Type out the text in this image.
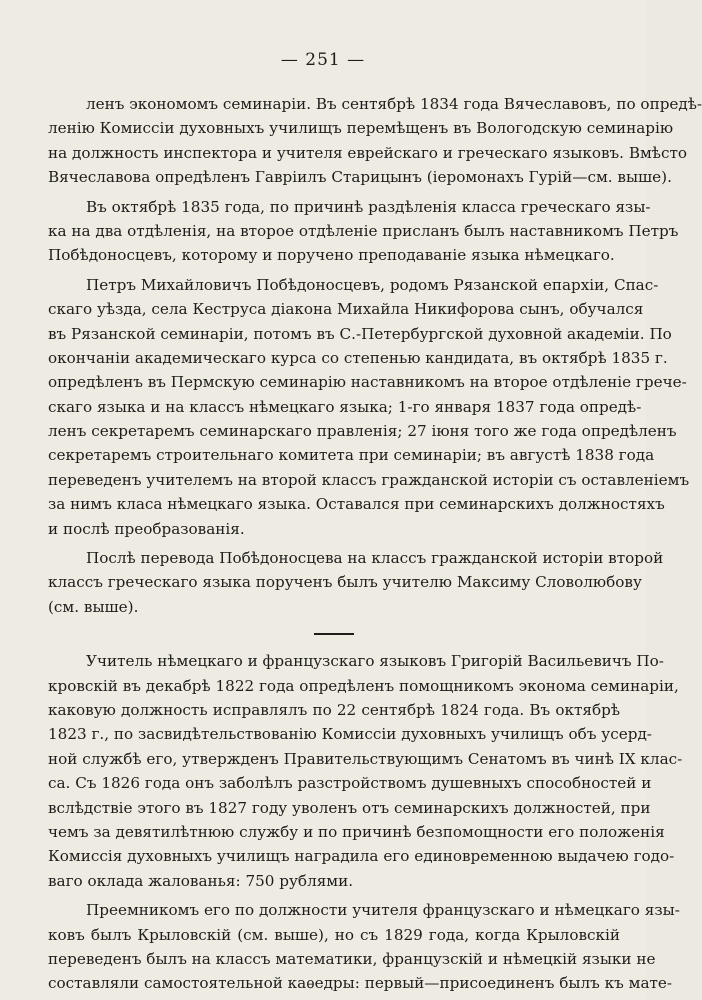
— 251 —
ленъ экономомъ семинаріи. Въ сентябрѣ 1834 года Вячеславовъ, по опредѣ-
ленію Комиссіи духовныхъ училищъ перемѣщенъ въ Вологодскую семинарію
на должность инспектора и учителя еврейскаго и греческаго языковъ. Вмѣсто
Вячеславова опредѣленъ Гавріилъ Старицынъ (іеромонахъ Гурій—см. выше).
Въ октябрѣ 1835 года, по причинѣ раздѣленія класса греческаго язы-
ка на два отдѣленія, на второе отдѣленіе присланъ былъ наставникомъ Петръ
Побѣдоносцевъ, которому и поручено преподаваніе языка нѣмецкаго.
Петръ Михайловичъ Побѣдоносцевъ, родомъ Рязанской епархіи, Спас-
скаго уѣзда, села Кеструса діакона Михайла Никифорова сынъ, обучался
въ Рязанской семинаріи, потомъ въ С.-Петербургской духовной академіи. По
окончаніи академическаго курса со степенью кандидата, въ октябрѣ 1835 г.
опредѣленъ въ Пермскую семинарію наставникомъ на второе отдѣленіе грече-
скаго языка и на классъ нѣмецкаго языка; 1-го января 1837 года опредѣ-
ленъ секретаремъ семинарскаго правленія; 27 іюня того же года опредѣленъ
секретаремъ строительнаго комитета при семинаріи; въ августѣ 1838 года
переведенъ учителемъ на второй классъ гражданской исторіи съ оставленіемъ
за нимъ класа нѣмецкаго языка. Оставался при семинарскихъ должностяхъ
и послѣ преобразованія.
Послѣ перевода Побѣдоносцева на классъ гражданской исторіи второй
классъ греческаго языка порученъ былъ учителю Максиму Словолюбову
(см. выше).
Учитель нѣмецкаго и французскаго языковъ Григорій Васильевичъ По-
кровскій въ декабрѣ 1822 года опредѣленъ помощникомъ эконома семинаріи,
каковую должность исправлялъ по 22 сентябрѣ 1824 года. Въ октябрѣ
1823 г., по засвидѣтельствованію Комиссіи духовныхъ училищъ объ усерд-
ной службѣ его, утвержденъ Правительствующимъ Сенатомъ въ чинѣ IX клас-
са. Съ 1826 года онъ заболѣлъ разстройствомъ душевныхъ способностей и
вслѣдствіе этого въ 1827 году уволенъ отъ семинарскихъ должностей, при
чемъ за девятилѣтнюю службу и по причинѣ безпомощности его положенія
Комиссія духовныхъ училищъ наградила его единовременною выдачею годо-
ваго оклада жалованья: 750 рублями.
Преемникомъ его по должности учителя французскаго и нѣмецкаго язы-
ковъ былъ Крыловскій (см. выше), но съ 1829 года, когда Крыловскій
переведенъ былъ на классъ математики, французскій и нѣмецкій языки не
составляли самостоятельной каѳедры: первый—присоединенъ былъ къ мате-
